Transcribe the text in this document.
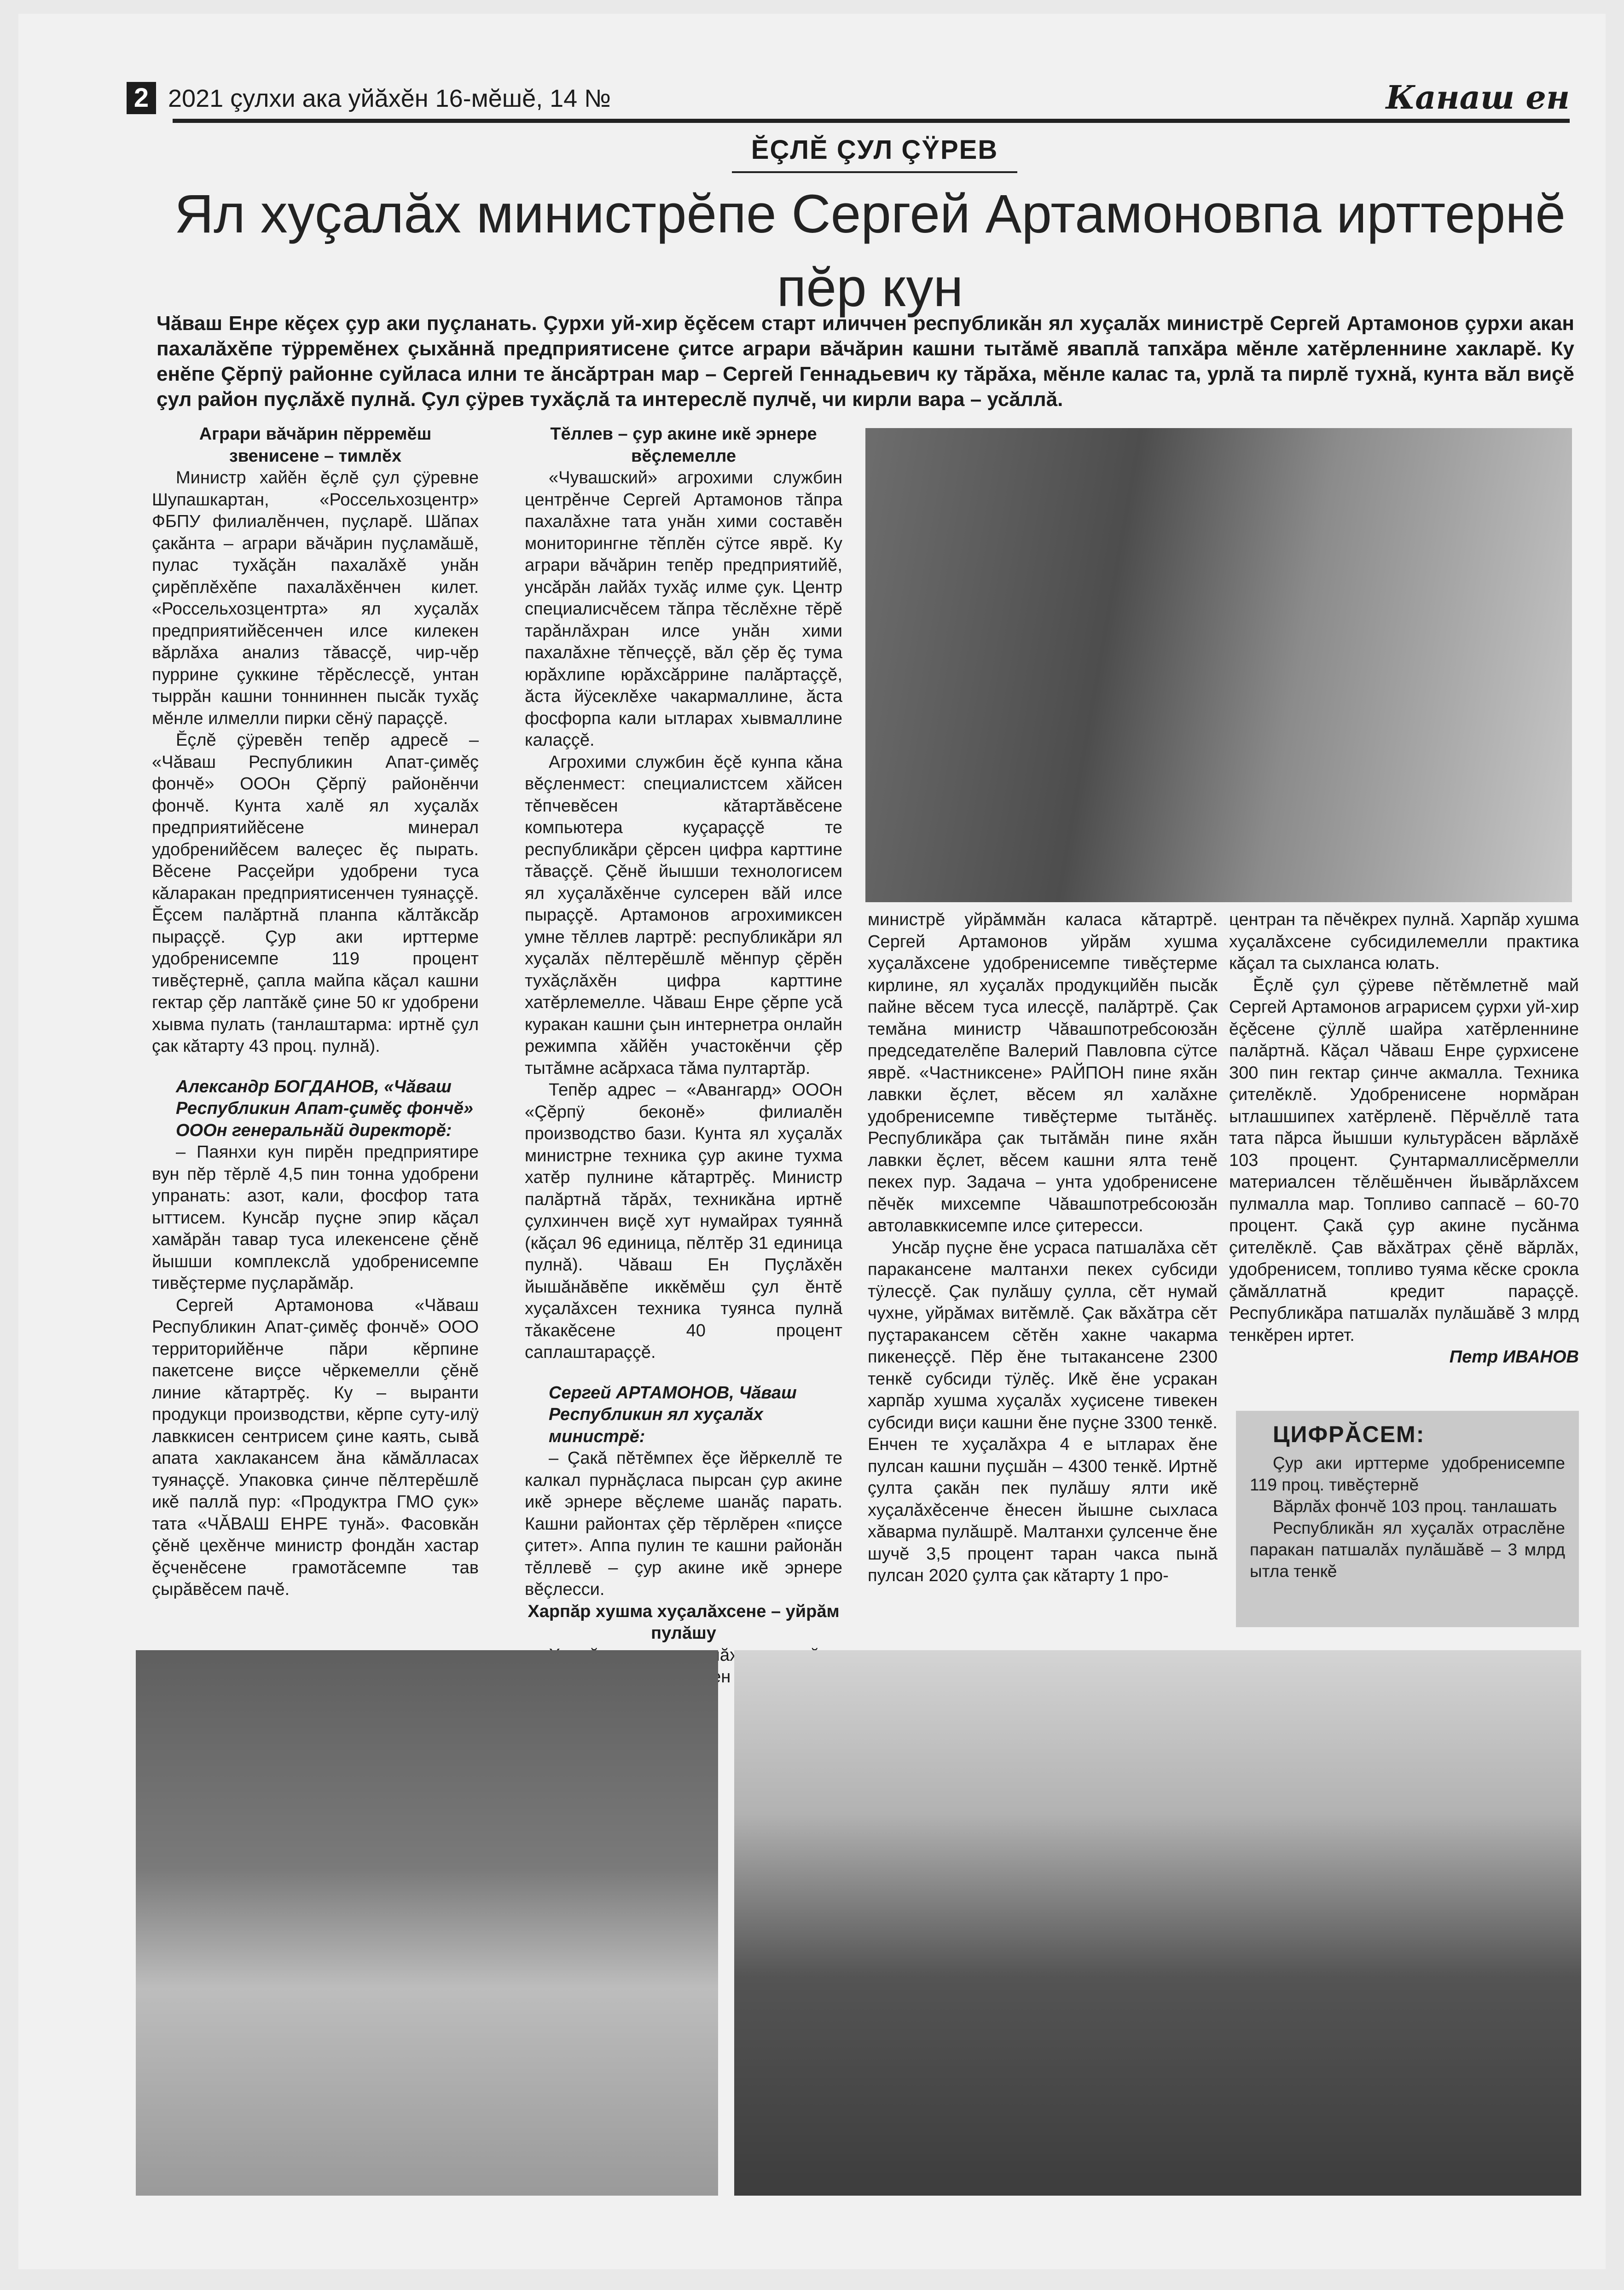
2 2021 çулхи ака уйăхĕн 16-мĕшĕ, 14 №	Канаш ен
ĔÇЛĔ ÇУЛ ÇŸРЕВ
Ял хуçалăх министрĕпе Сергей Артамоновпа ирттернĕ пĕр кун
Чăваш Енре кĕçех çур аки пуçланать. Çурхи уй-хир ĕçĕсем старт иличчен республикăн ял хуçалăх министрĕ Сергей Артамонов çурхи акан пахалăхĕпе тÿрремĕнех çыхăннă предприятисене çитсе аграри вăчăрин кашни тытăмĕ яваплă тапхăра мĕнле хатĕрленнине хакларĕ. Ку енĕпе Çĕрпÿ районне суйласа илни те ăнсăртран мар – Сергей Геннадьевич ку тăрăха, мĕнле калас та, урлă та пирлĕ тухнă, кунта вăл виçĕ çул район пуçлăхĕ пулнă. Çул çÿрев тухăçлă та интереслĕ пулчĕ, чи кирли вара – усăллă.

Аграри вăчăрин пĕрремĕш звенисене – тимлĕх

Министр хайĕн ĕçлĕ çул çÿревне Шупашкартан, «Россельхозцентр» ФБПУ филиалĕнчен, пуçларĕ. Шăпах çакăнта – аграри вăчăрин пуçламăшĕ, пулас тухăçăн пахалăхĕ унăн çирĕплĕхĕпе пахалăхĕнчен килет. «Россельхозцентрта» ял хуçалăх предприятийĕсенчен илсе килекен вăрлăха анализ тăвасçĕ, чир-чĕр пуррине çуккине тĕрĕслесçĕ, унтан тыррăн кашни тонниннен пысăк тухăç мĕнле илмелли пирки сĕнÿ параççĕ.

Ĕçлĕ çÿревĕн тепĕр адресĕ – «Чăваш Республикин Апат-çимĕç фончĕ» ОООн Çĕрпÿ районĕнчи фончĕ. Кунта халĕ ял хуçалăх предприятийĕсене минерал удобренийĕсем валеçес ĕç пырать. Вĕсене Расçейри удобрени туса кăларакан предприятисенчен туянаççĕ. Ĕçсем палăртнă планпа кăлтăксăр пыраççĕ. Çур аки ирттерме удобренисемпе 119 процент тивĕçтернĕ, çапла майпа кăçал кашни гектар çĕр лаптăкĕ çине 50 кг удобрени хывма пулать (танлаштарма: иртнĕ çул çак кăтарту 43 проц. пулнă).

Александр БОГДАНОВ, «Чăваш Республикин Апат-çимĕç фончĕ» ОООн генеральнăй директорĕ:

– Паянхи кун пирĕн предприятире вун пĕр тĕрлĕ 4,5 пин тонна удобрени упранать: азот, кали, фосфор тата ыттисем. Кунсăр пуçне эпир кăçал хамăрăн тавар туса илекенсене çĕнĕ йышши комплекслă удобренисемпе тивĕçтерме пуçларăмăр.

Сергей Артамонова «Чăваш Республикин Апат-çимĕç фончĕ» ООО территорийĕнче пăри кĕрпине пакетсене виçсе чĕркемелли çĕнĕ линие кăтартрĕç. Ку – выранти продукци производстви, кĕрпе суту-илÿ лавккисен сентрисем çине каять, сывă апата хаклакансем ăна кăмăлласах туянаççĕ. Упаковка çинче пĕлтерĕшлĕ икĕ паллă пур: «Продуктра ГМО çук» тата «ЧĂВАШ ЕНРЕ тунă». Фасовкăн çĕнĕ цехĕнче министр фондăн хастар ĕçченĕсене грамотăсемпе тав çырăвĕсем пачĕ.

Тĕллев – çур акине икĕ эрнере вĕçлемелле

«Чувашский» агрохими службин центрĕнче Сергей Артамонов тăпра пахалăхне тата унăн хими составĕн мониторингне тĕплĕн сÿтсе яврĕ. Ку аграри вăчăрин тепĕр предприятийĕ, унсăрăн лайăх тухăç илме çук. Центр специалисчĕсем тăпра тĕслĕхне тĕрĕ тарăнлăхран илсе унăн хими пахалăхне тĕпчеççĕ, вăл çĕр ĕç тума юрăхлипе юрăхсăррине палăртаççĕ, ăста йÿсеклĕхе чакармаллине, ăста фосфорпа кали ытларах хывмаллине калаççĕ.

Агрохими службин ĕçĕ кунпа кăна вĕçленмест: специалистсем хăйсен тĕпчевĕсен кăтартăвĕсене компьютера куçараççĕ те республикăри çĕрсен цифра карттине тăваççĕ. Çĕнĕ йышши технологисем ял хуçалăхĕнче сулсерен вăй илсе пыраççĕ. Артамонов агрохимиксен умне тĕллев лартрĕ: республикăри ял хуçалăх пĕлтерĕшлĕ мĕнпур çĕрĕн тухăçлăхĕн цифра карттине хатĕрлемелле. Чăваш Енре çĕрпе усă куракан кашни çын интернетра онлайн режимпа хăйĕн участокĕнчи çĕр тытăмне асăрхаса тăма пултартăр.

Тепĕр адрес – «Авангард» ОООн «Çĕрпÿ беконĕ» филиалĕн производство бази. Кунта ял хуçалăх министрне техника çур акине тухма хатĕр пулнине кăтартрĕç. Министр палăртнă тăрăх, техникăна иртнĕ çулхинчен виçĕ хут нумайрах туяннă (кăçал 96 единица, пĕлтĕр 31 единица пулнă). Чăваш Ен Пуçлăхĕн йышăнăвĕпе иккĕмĕш çул ĕнтĕ хуçалăхсен техника туянса пулнă тăкакĕсене 40 процент саплаштараççĕ.

Сергей АРТАМОНОВ, Чăваш Республикин ял хуçалăх министрĕ:

– Çакă пĕтĕмпех ĕçе йĕркеллĕ те калкал пурнăçласа пырсан çур акине икĕ эрнере вĕçлеме шанăç парать. Кашни районтах çĕр тĕрлĕрен «пиçсе çитет». Аппа пулин те кашни районăн тĕллевĕ – çур акине икĕ эрнере вĕçлесси.

Харпăр хушма хуçалăхсене – уйрăм пулăшу

хуçалăхсене

министрĕ уйрăммăн каласа кăтартрĕ. Сергей Артамонов уйрăм хушма хуçалăхсене удобренисемпе тивĕçтерме кирлине, ял хуçалăх продукцийĕн пысăк пайне вĕсем туса илесçĕ, палăртрĕ. Çак темăна министр Чăвашпотребсоюзăн председателĕпе Валерий Павловпа сÿтсе яврĕ. «Частниксене» РАЙПОН пине яхăн лавкки ĕçлет, вĕсем ял халăхне удобренисемпе тивĕçтерме тытăнĕç. Республикăра çак тытăмăн пине яхăн лавкки ĕçлет, вĕсем кашни ялта тенĕ пекех пур. Задача – унта удобренисене пĕчĕк михсемпе Чăвашпотребсоюзăн автолавккисемпе илсе çитересси.

Унсăр пуçне ĕне усраса патшалăха сĕт паракансене малтанхи пекех субсиди тÿлесçĕ. Çак пулăшу çулла, сĕт нумай чухне, уйрăмах витĕмлĕ. Çак вăхăтра сĕт пуçтаракансем сĕтĕн хакне чакарма пикенеççĕ. Пĕр ĕне тытакансене 2300 тенкĕ субсиди тÿлĕç. Икĕ ĕне усракан харпăр хушма хуçалăх хуçисене тивекен субсиди виçи кашни ĕне пуçне 3300 тенкĕ. Енчен те хуçалăхра 4 е ытларах ĕне пулсан кашни пуçшăн – 4300 тенкĕ. Иртнĕ çулта çакăн пек пулăшу ялти икĕ хуçалăхĕсенче ĕнесен йышне сыхласа хăварма пулăшрĕ. Малтанхи çулсенче ĕне шучĕ 3,5 процент таран чакса пынă пулсан 2020 çулта çак кăтарту 1 про-

центран та пĕчĕкрех пулнă. Харпăр хушма хуçалăхсене субсидилемелли практика кăçал та сыхланса юлать.

Ĕçлĕ çул çÿреве пĕтĕмлетнĕ май Сергей Артамонов аграрисем çурхи уй-хир ĕçĕсене çÿллĕ шайра хатĕрленнине палăртнă. Кăçал Чăваш Енре çурхисене 300 пин гектар çинче акмалла. Техника çителĕклĕ. Удобренисене нормăран ытлашшипех хатĕрленĕ. Пĕрчĕллĕ тата тата пăрса йышши культурăсен вăрлăхĕ 103 процент. Çунтармаллисĕрмелли материалсен тĕлĕшĕнчен йывăрлăхсем пулмалла мар. Топливо саппасĕ – 60-70 процент. Çакă çур акине пусăнма çителĕклĕ. Çав вăхăтрах çĕнĕ вăрлăх, удобренисем, топливо туяма кĕске срокла çăмăллатнă кредит параççĕ. Республикăра патшалăх пулăшăвĕ 3 млрд тенкĕрен иртет.

Петр ИВАНОВ

ЦИФРĂСЕМ:

Çур аки ирттерме удобренисемпе 119 проц. тивĕçтернĕ

Вăрлăх фончĕ 103 проц. танлашать

Республикăн ял хуçалăх отраслĕне паракан патшалăх пулăшăвĕ – 3 млрд ытла тенкĕ
